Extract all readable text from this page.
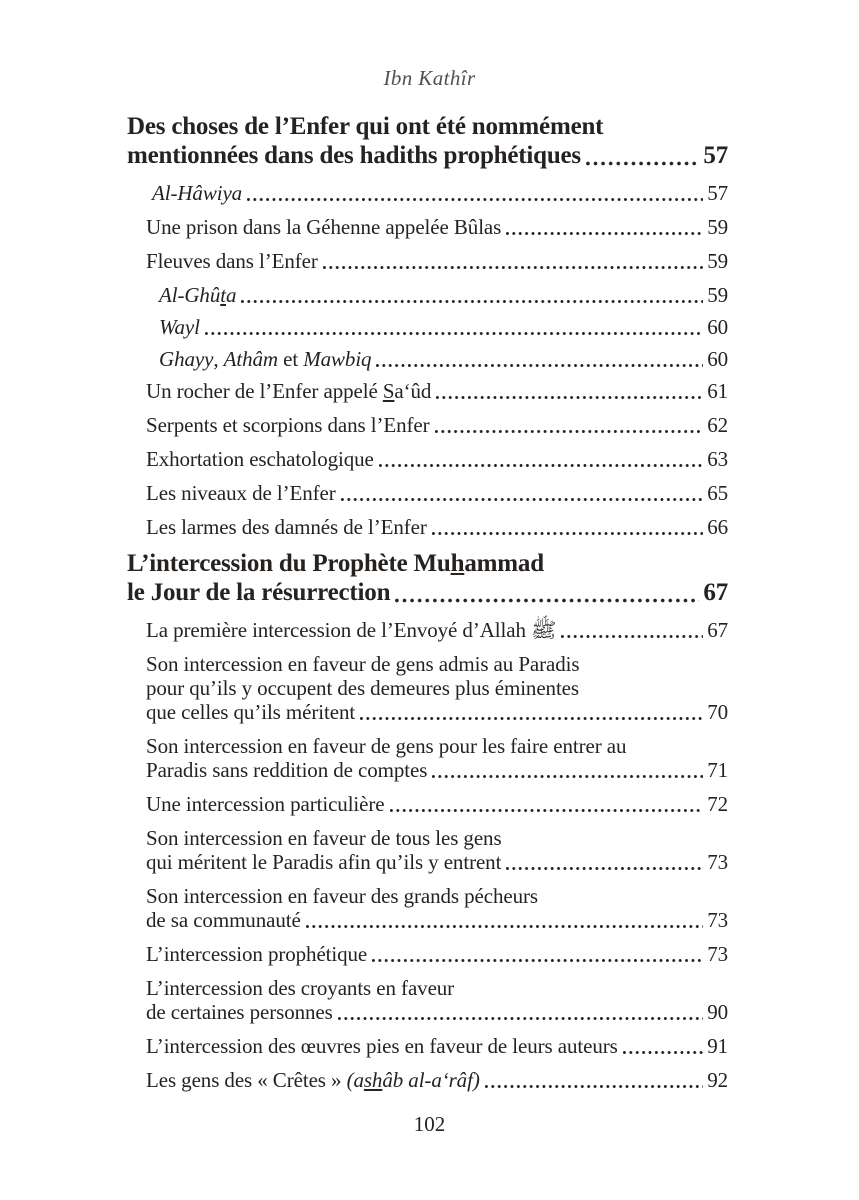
Ibn Kathîr
Des choses de l’Enfer qui ont été nommément
mentionnées dans des hadiths prophétiques	57
Al-Hâwiya	57
Une prison dans la Géhenne appelée Bûlas	59
Fleuves dans l’Enfer	59
Al-Ghûta	59
Wayl	60
Ghayy, Athâm et Mawbiq	60
Un rocher de l’Enfer appelé Sa‘ûd	61
Serpents et scorpions dans l’Enfer	62
Exhortation eschatologique	63
Les niveaux de l’Enfer	65
Les larmes des damnés de l’Enfer	66
L’intercession du Prophète Muhammad
le Jour de la résurrection	67
La première intercession de l’Envoyé d’Allah ﷺ	67
Son intercession en faveur de gens admis au Paradis
pour qu’ils y occupent des demeures plus éminentes
que celles qu’ils méritent	70
Son intercession en faveur de gens pour les faire entrer au
Paradis sans reddition de comptes	71
Une intercession particulière	72
Son intercession en faveur de tous les gens
qui méritent le Paradis afin qu’ils y entrent	73
Son intercession en faveur des grands pécheurs
de sa communauté	73
L’intercession prophétique	73
L’intercession des croyants en faveur
de certaines personnes	90
L’intercession des œuvres pies en faveur de leurs auteurs	91
Les gens des « Crêtes » (ashâb al-a‘râf)	92
102
